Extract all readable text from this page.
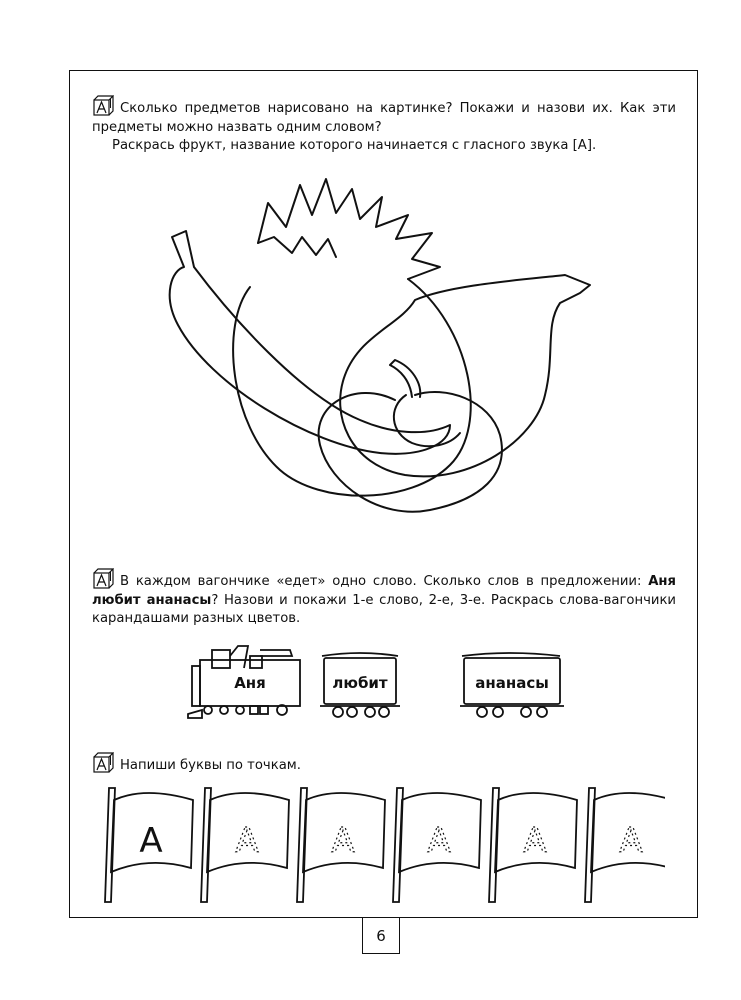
Сколько предметов нарисовано на картинке? Покажи и назови их. Как эти предметы можно назвать одним словом?
Раскрась фрукт, название которого начинается с гласного звука [А].
В каждом вагончике «едет» одно слово. Сколько слов в предложении: Аня любит ананасы? Назови и покажи 1-е слово, 2-е, 3-е. Раскрась слова-вагончики карандашами разных цветов.
Аня	любит	ананасы
Напиши буквы по точкам.
А А А А А А
6
